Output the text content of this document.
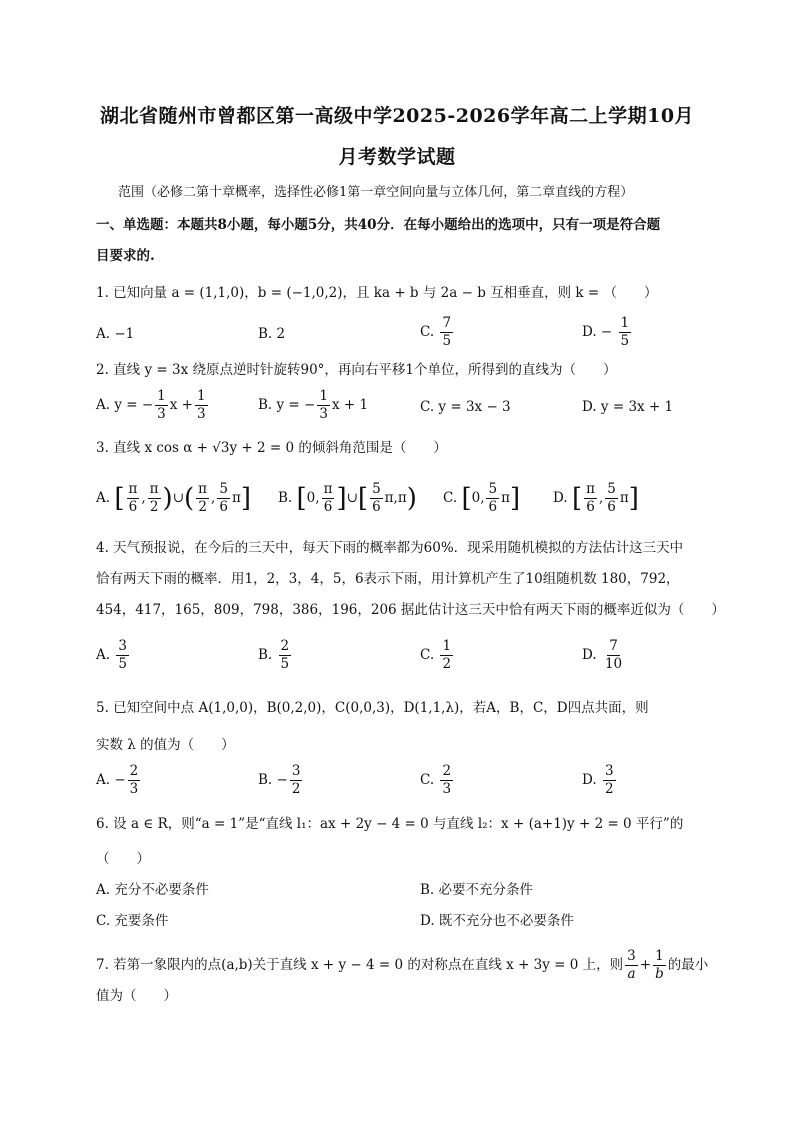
湖北省随州市曾都区第一高级中学2025-2026学年高二上学期10月
月考数学试题
范围（必修二第十章概率，选择性必修1第一章空间向量与立体几何，第二章直线的方程）
一、单选题：本题共8小题，每小题5分，共40分．在每小题给出的选项中，只有一项是符合题
目要求的.
1. 已知向量 a = (1,1,0)，b = (−1,0,2)，且 ka + b 与 2a − b 互相垂直，则 k = （　　）
A. −1	B. 2	C. $\frac{7}{5}$	D. − $\frac{1}{5}$
2. 直线 y = 3x 绕原点逆时针旋转90°，再向右平移1个单位，所得到的直线为（　　）
A. y = − $\frac{1}{3}$ $x + \frac{1}{3}$	B. y = − $\frac{1}{3}$ x + 1	C. y = 3x − 3	D. y = 3x + 1
3. 直线 x cos α + √3y + 2 = 0 的倾斜角范围是（　　）
A. [ $\frac{\pi}{6}$ , $\frac{\pi}{2}$ )∪( $\frac{\pi}{2}$ , $\frac{5}{6} \pi$] B. [0, $\frac{\pi}{6}$ ]∪[ $\frac{5}{6} \pi,\pi$) C. [0, $\frac{5}{6} \pi$] D. [ $\frac{\pi}{6}$ , $\frac{5}{6} \pi$]
4. 天气预报说，在今后的三天中，每天下雨的概率都为60%．现采用随机模拟的方法估计这三天中
恰有两天下雨的概率．用1，2，3，4，5，6表示下雨，用计算机产生了10组随机数 180，792，
454，417，165，809，798，386，196，206 据此估计这三天中恰有两天下雨的概率近似为（　　）
A. $\frac{3}{5}$	B. $\frac{2}{5}$	C. $\frac{1}{2}$	D. $\frac{7}{10}$
5. 已知空间中点 A(1,0,0)，B(0,2,0)，C(0,0,3)，D(1,1,λ)，若A，B，C，D四点共面，则
实数 λ 的值为（　　）
A. − $\frac{2}{3}$	B. − $\frac{3}{2}$	C. $\frac{2}{3}$	D. $\frac{3}{2}$
6. 设 a ∈ R，则“a = 1”是“直线 l₁：ax + 2y − 4 = 0 与直线 l₂：x + (a+1)y + 2 = 0 平行”的
（　　）
A. 充分不必要条件	B. 必要不充分条件
C. 充要条件	D. 既不充分也不必要条件
7. 若第一象限内的点(a,b)关于直线 x + y − 4 = 0 的对称点在直线 x + 3y = 0 上，则 $\frac{3}{a} + \frac{1}{b}$ 的最小
值为（　　）
